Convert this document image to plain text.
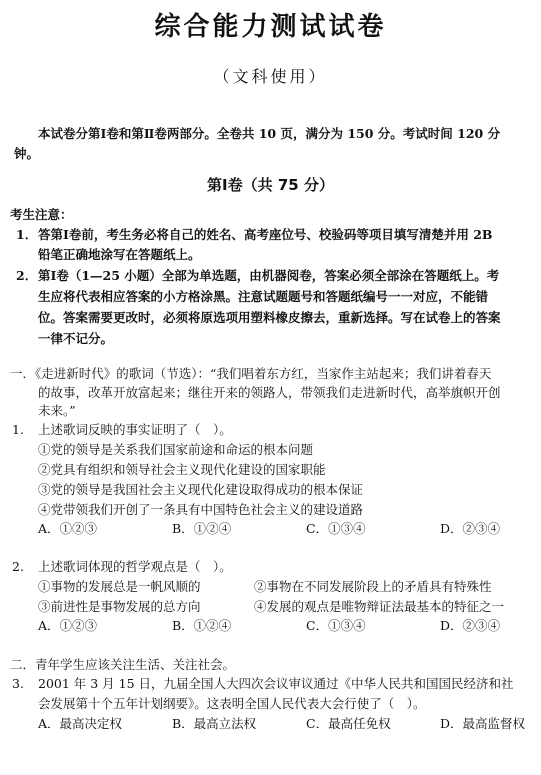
综合能力测试试卷
（文科使用）
本试卷分第Ⅰ卷和第Ⅱ卷两部分。全卷共 10 页，满分为 150 分。考试时间 120 分
钟。
第Ⅰ卷（共 75 分）
考生注意：
1． 答第Ⅰ卷前，考生务必将自己的姓名、高考座位号、校验码等项目填写清楚并用 2B
铅笔正确地涂写在答题纸上。
2． 第Ⅰ卷（1—25 小题）全部为单选题，由机器阅卷，答案必须全部涂在答题纸上。考
生应将代表相应答案的小方格涂黑。注意试题题号和答题纸编号一一对应，不能错
位。答案需要更改时，必须将原选项用塑料橡皮擦去，重新选择。写在试卷上的答案
一律不记分。
一．《走进新时代》的歌词（节选）：“我们唱着东方红，当家作主站起来；我们讲着春天
的故事，改革开放富起来；继往开来的领路人，带领我们走进新时代，高举旗帜开创
未来。”
1. 上述歌词反映的事实证明了（　）。
①党的领导是关系我们国家前途和命运的根本问题
②党具有组织和领导社会主义现代化建设的国家职能
③党的领导是我国社会主义现代化建设取得成功的根本保证
④党带领我们开创了一条具有中国特色社会主义的建设道路
A．①②③	B．①②④	C．①③④	D．②③④
2. 上述歌词体现的哲学观点是（　）。
①事物的发展总是一帆风顺的	②事物在不同发展阶段上的矛盾具有特殊性
③前进性是事物发展的总方向	④发展的观点是唯物辩证法最基本的特征之一
A．①②③	B．①②④	C．①③④	D．②③④
二．青年学生应该关注生活、关注社会。
3. 2001 年 3 月 15 日，九届全国人大四次会议审议通过《中华人民共和国国民经济和社
会发展第十个五年计划纲要》。这表明全国人民代表大会行使了（　）。
A．最高决定权	B．最高立法权	C．最高任免权	D．最高监督权
